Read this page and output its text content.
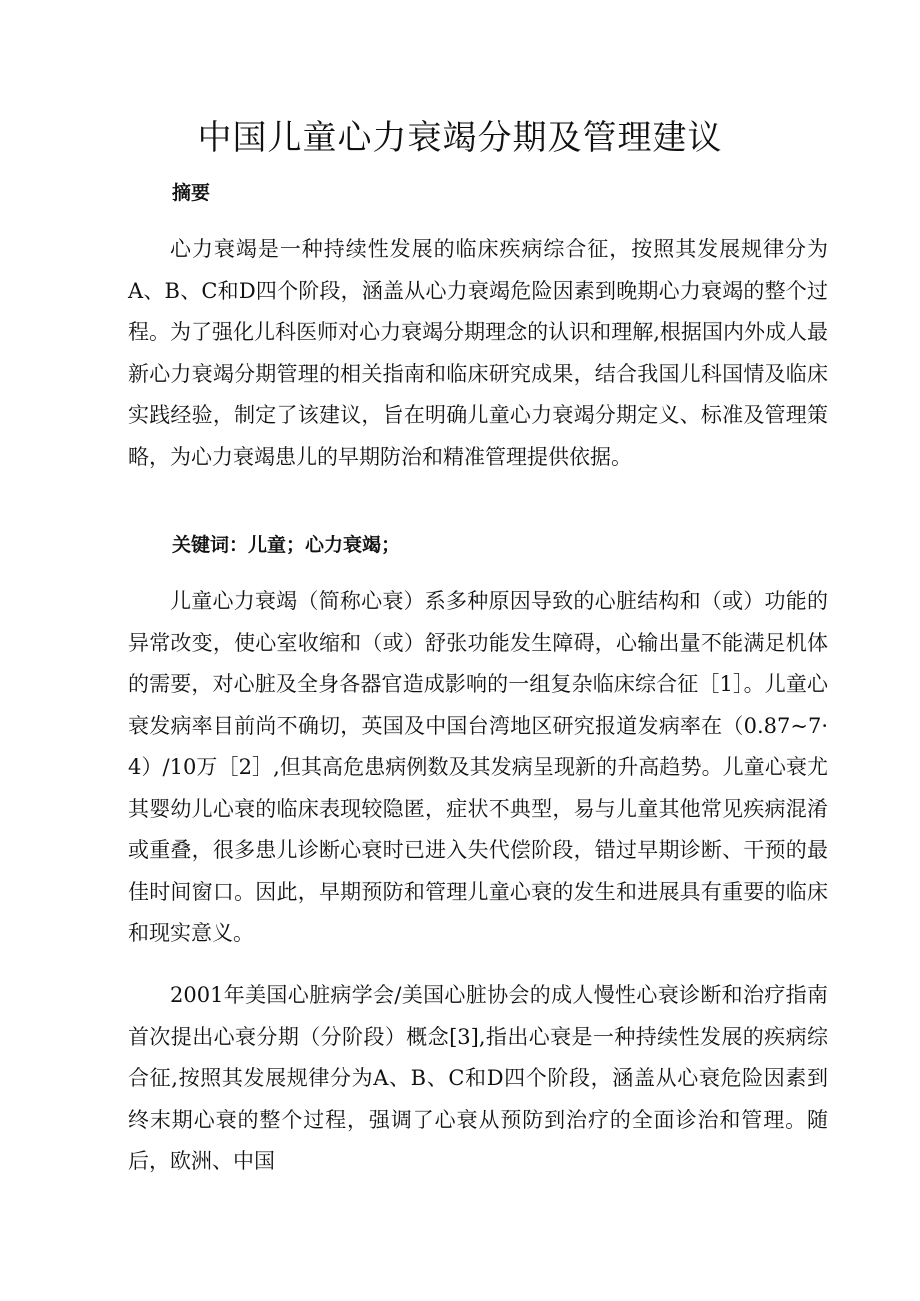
中国儿童心力衰竭分期及管理建议
摘要

心力衰竭是一种持续性发展的临床疾病综合征，按照其发展规律分为A、B、C和D四个阶段，涵盖从心力衰竭危险因素到晚期心力衰竭的整个过程。为了强化儿科医师对心力衰竭分期理念的认识和理解,根据国内外成人最新心力衰竭分期管理的相关指南和临床研究成果，结合我国儿科国情及临床实践经验，制定了该建议，旨在明确儿童心力衰竭分期定义、标准及管理策略，为心力衰竭患儿的早期防治和精准管理提供依据。

关键词：儿童；心力衰竭；

儿童心力衰竭（简称心衰）系多种原因导致的心脏结构和（或）功能的异常改变，使心室收缩和（或）舒张功能发生障碍，心输出量不能满足机体的需要，对心脏及全身各器官造成影响的一组复杂临床综合征［1］。儿童心衰发病率目前尚不确切，英国及中国台湾地区研究报道发病率在（0.87~7·4）/10万［2］,但其高危患病例数及其发病呈现新的升高趋势。儿童心衰尤其婴幼儿心衰的临床表现较隐匿，症状不典型，易与儿童其他常见疾病混淆或重叠，很多患儿诊断心衰时已进入失代偿阶段，错过早期诊断、干预的最佳时间窗口。因此，早期预防和管理儿童心衰的发生和进展具有重要的临床和现实意义。

2001年美国心脏病学会/美国心脏协会的成人慢性心衰诊断和治疗指南首次提出心衰分期（分阶段）概念[3],指出心衰是一种持续性发展的疾病综合征,按照其发展规律分为A、B、C和D四个阶段，涵盖从心衰危险因素到终末期心衰的整个过程，强调了心衰从预防到治疗的全面诊治和管理。随后，欧洲、中国
